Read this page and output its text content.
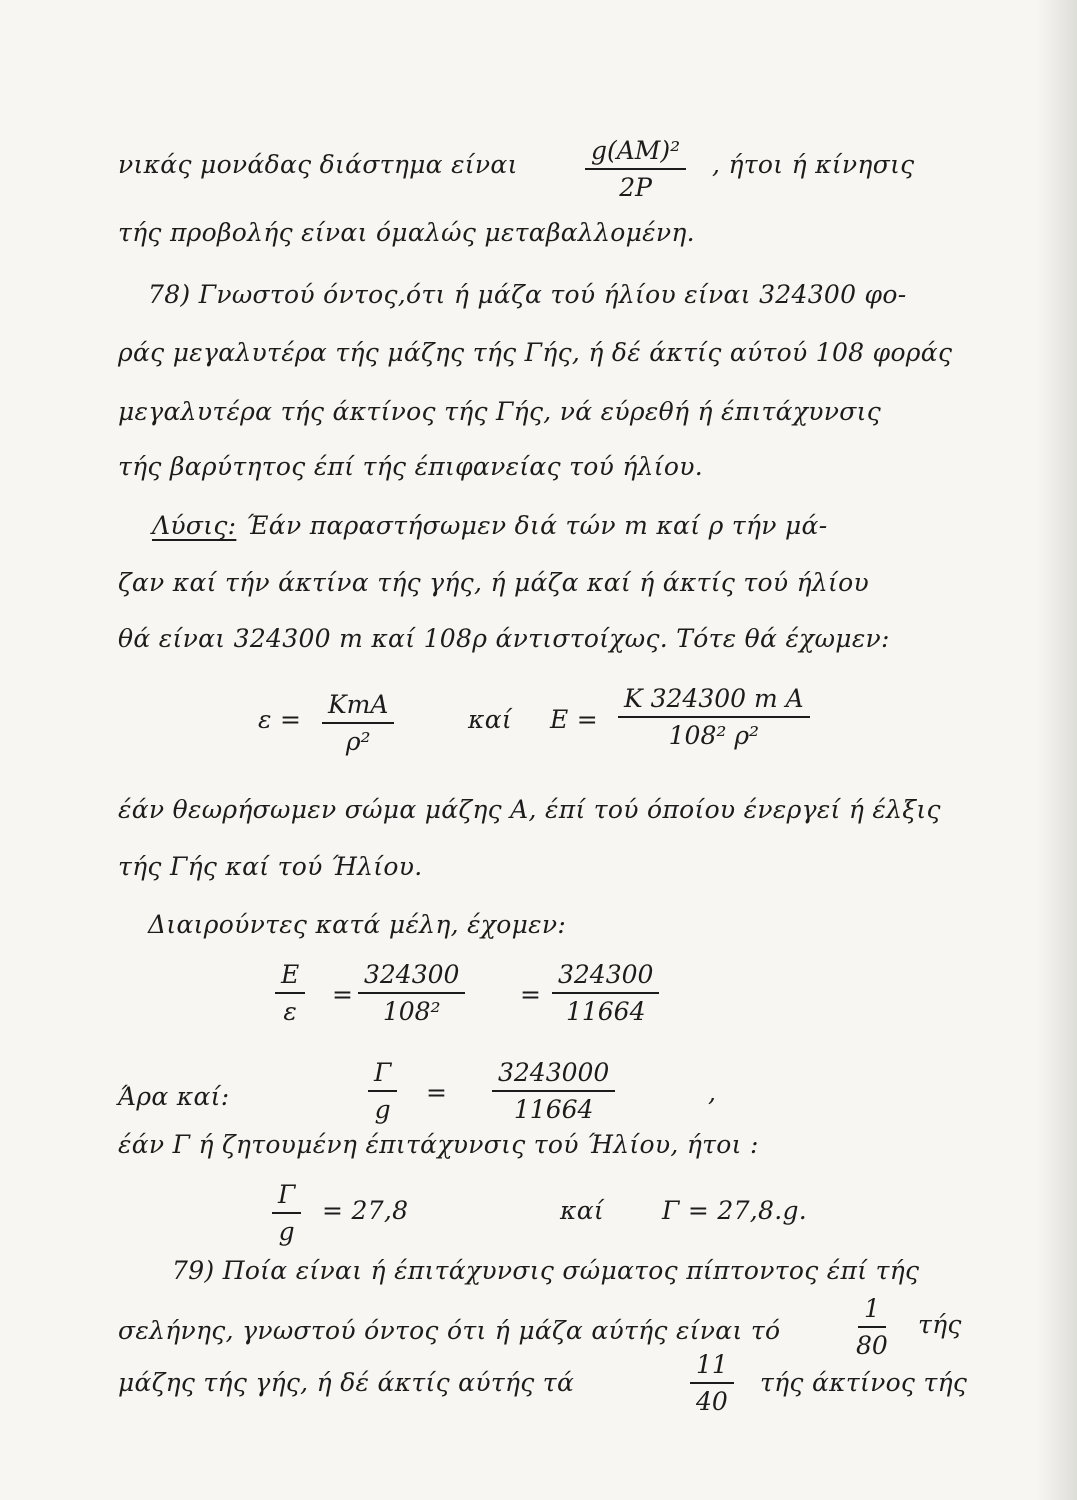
νικάς μονάδας διάστημα είναι	$\frac{\text{g(AM)²}}{2P}$ , ήτοι ή κίνησις
τής προβολής είναι όμαλώς μεταβαλλομένη.
78) Γνωστού όντος,ότι ή μάζα τού ήλίου είναι 324300 φο-
ράς μεγαλυτέρα τής μάζης τής Γής, ή δέ άκτίς αύτού 108 φοράς
μεγαλυτέρα τής άκτίνος τής Γής, νά εύρεθή ή έπιτάχυνσις
τής βαρύτητος έπί τής έπιφανείας τού ήλίου.
Λύσις: Έάν παραστήσωμεν διά τών m καί ρ τήν μά-
ζαν καί τήν άκτίνα τής γής, ή μάζα καί ή άκτίς τού ήλίου
θά είναι 324300 m καί 108ρ άντιστοίχως. Τότε θά έχωμεν:
ε =
KmA
ρ²
καί $E = \frac{\text{K 324300 m A}}{\text{108² ρ²}}$
έάν θεωρήσωμεν σώμα μάζης A, έπί τού όποίου ένεργεί ή έλξις
τής Γής καί τού Ήλίου.
Διαιρούντες κατά μέλη, έχομεν:
$\frac{E}{\varepsilon} = \frac{324300}{\text{108²}} = \frac{324300}{11664}$
Άρα καί:	$\frac{\Gamma}{g} = \frac{3243000}{11664}$	,
έάν Γ ή ζητουμένη έπιτάχυνσις τού Ήλίου, ήτοι :
$\frac{\Gamma}{g} = 27,8$	καί Γ = 27,8.g.
79) Ποία είναι ή έπιτάχυνσις σώματος πίπτοντος έπί τής
σελήνης, γνωστού όντος ότι ή μάζα αύτής είναι τό	$\frac{1}{80}$ τής
μάζης τής γής, ή δέ άκτίς αύτής τά	$\frac{11}{40}$ τής άκτίνος τής
